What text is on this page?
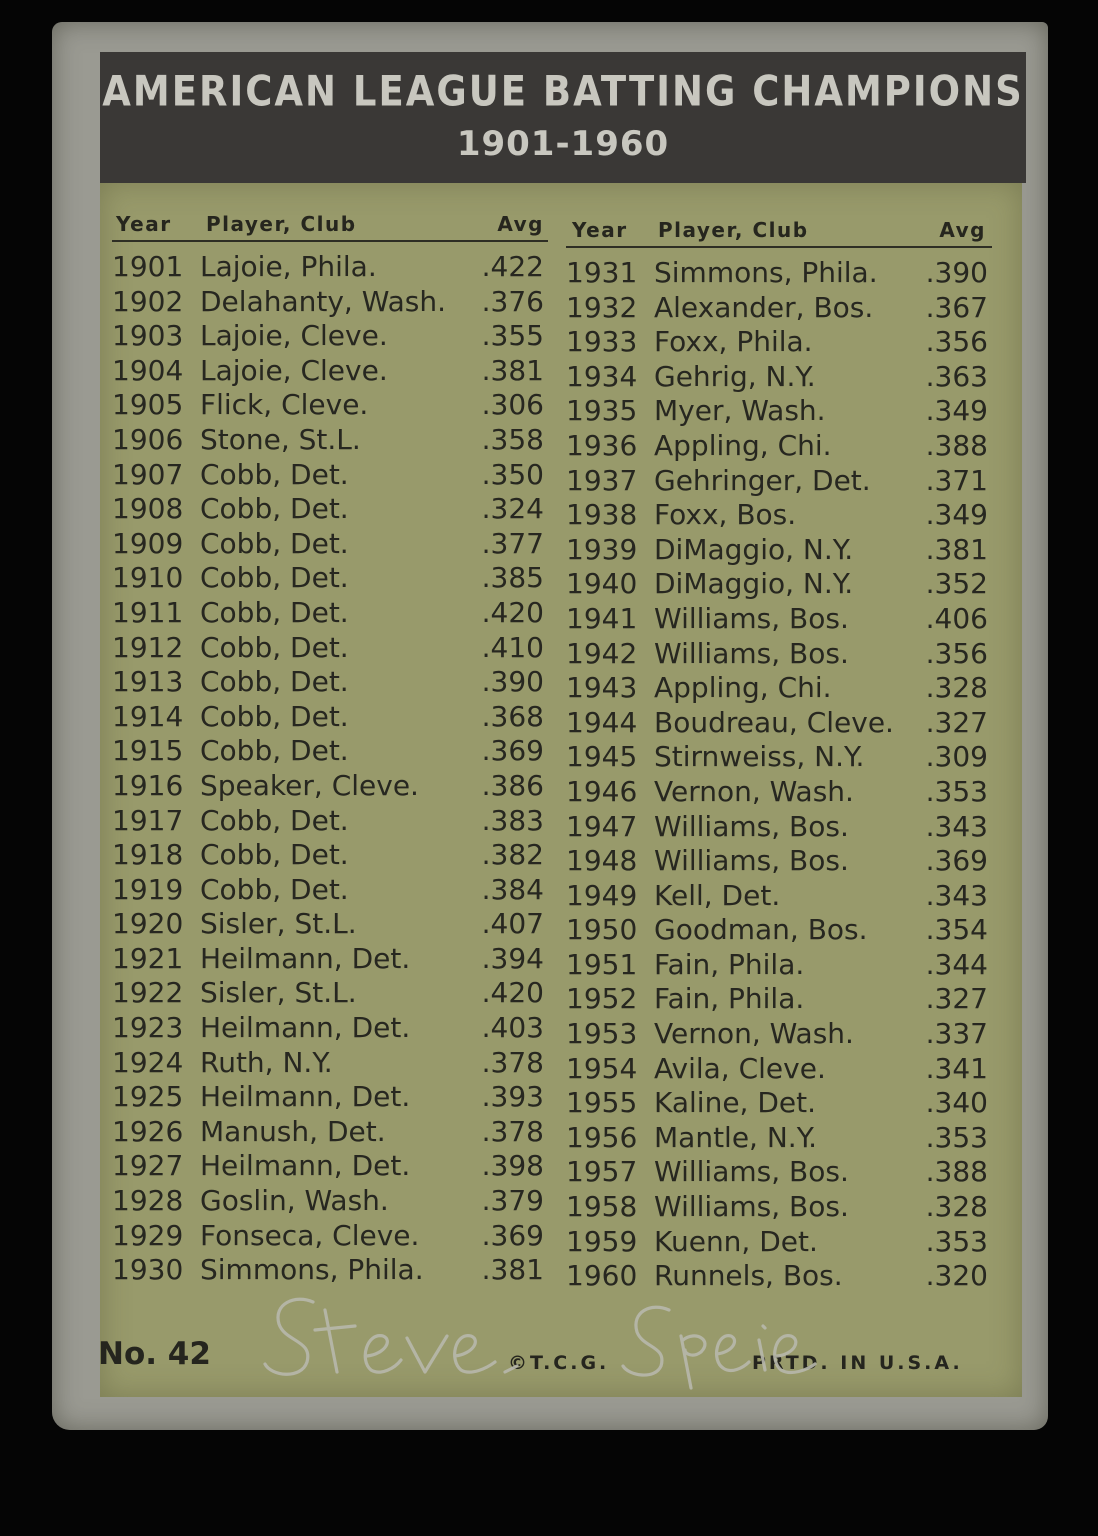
AMERICAN LEAGUE BATTING CHAMPIONS
1901-1960
Year Player, Club	Avg
1901 Lajoie, Phila.	.422
1902 Delahanty, Wash. .376
1903 Lajoie, Cleve.	.355
1904 Lajoie, Cleve.	.381
1905 Flick, Cleve.	.306
1906 Stone, St.L.	.358
1907 Cobb, Det.	.350
1908 Cobb, Det.	.324
1909 Cobb, Det.	.377
1910 Cobb, Det.	.385
1911 Cobb, Det.	.420
1912 Cobb, Det.	.410
1913 Cobb, Det.	.390
1914 Cobb, Det.	.368
1915 Cobb, Det.	.369
1916 Speaker, Cleve. .386
1917 Cobb, Det.	.383
1918 Cobb, Det.	.382
1919 Cobb, Det.	.384
1920 Sisler, St.L.	.407
1921 Heilmann, Det.	.394
1922 Sisler, St.L.	.420
1923 Heilmann, Det.	.403
1924 Ruth, N.Y.	.378
1925 Heilmann, Det.	.393
1926 Manush, Det.	.378
1927 Heilmann, Det.	.398
1928 Goslin, Wash.	.379
1929 Fonseca, Cleve. .369
1930 Simmons, Phila. .381
Year Player, Club	Avg
1931 Simmons, Phila. .390
1932 Alexander, Bos. .367
1933 Foxx, Phila.	.356
1934 Gehrig, N.Y.	.363
1935 Myer, Wash.	.349
1936 Appling, Chi.	.388
1937 Gehringer, Det. .371
1938 Foxx, Bos.	.349
1939 DiMaggio, N.Y.	.381
1940 DiMaggio, N.Y.	.352
1941 Williams, Bos.	.406
1942 Williams, Bos.	.356
1943 Appling, Chi.	.328
1944 Boudreau, Cleve. .327
1945 Stirnweiss, N.Y. .309
1946 Vernon, Wash.	.353
1947 Williams, Bos.	.343
1948 Williams, Bos.	.369
1949 Kell, Det.	.343
1950 Goodman, Bos. .354
1951 Fain, Phila.	.344
1952 Fain, Phila.	.327
1953 Vernon, Wash.	.337
1954 Avila, Cleve.	.341
1955 Kaline, Det.	.340
1956 Mantle, N.Y.	.353
1957 Williams, Bos.	.388
1958 Williams, Bos.	.328
1959 Kuenn, Det.	.353
1960 Runnels, Bos.	.320
No. 42	©T.C.G.	PRTD. IN U.S.A.
